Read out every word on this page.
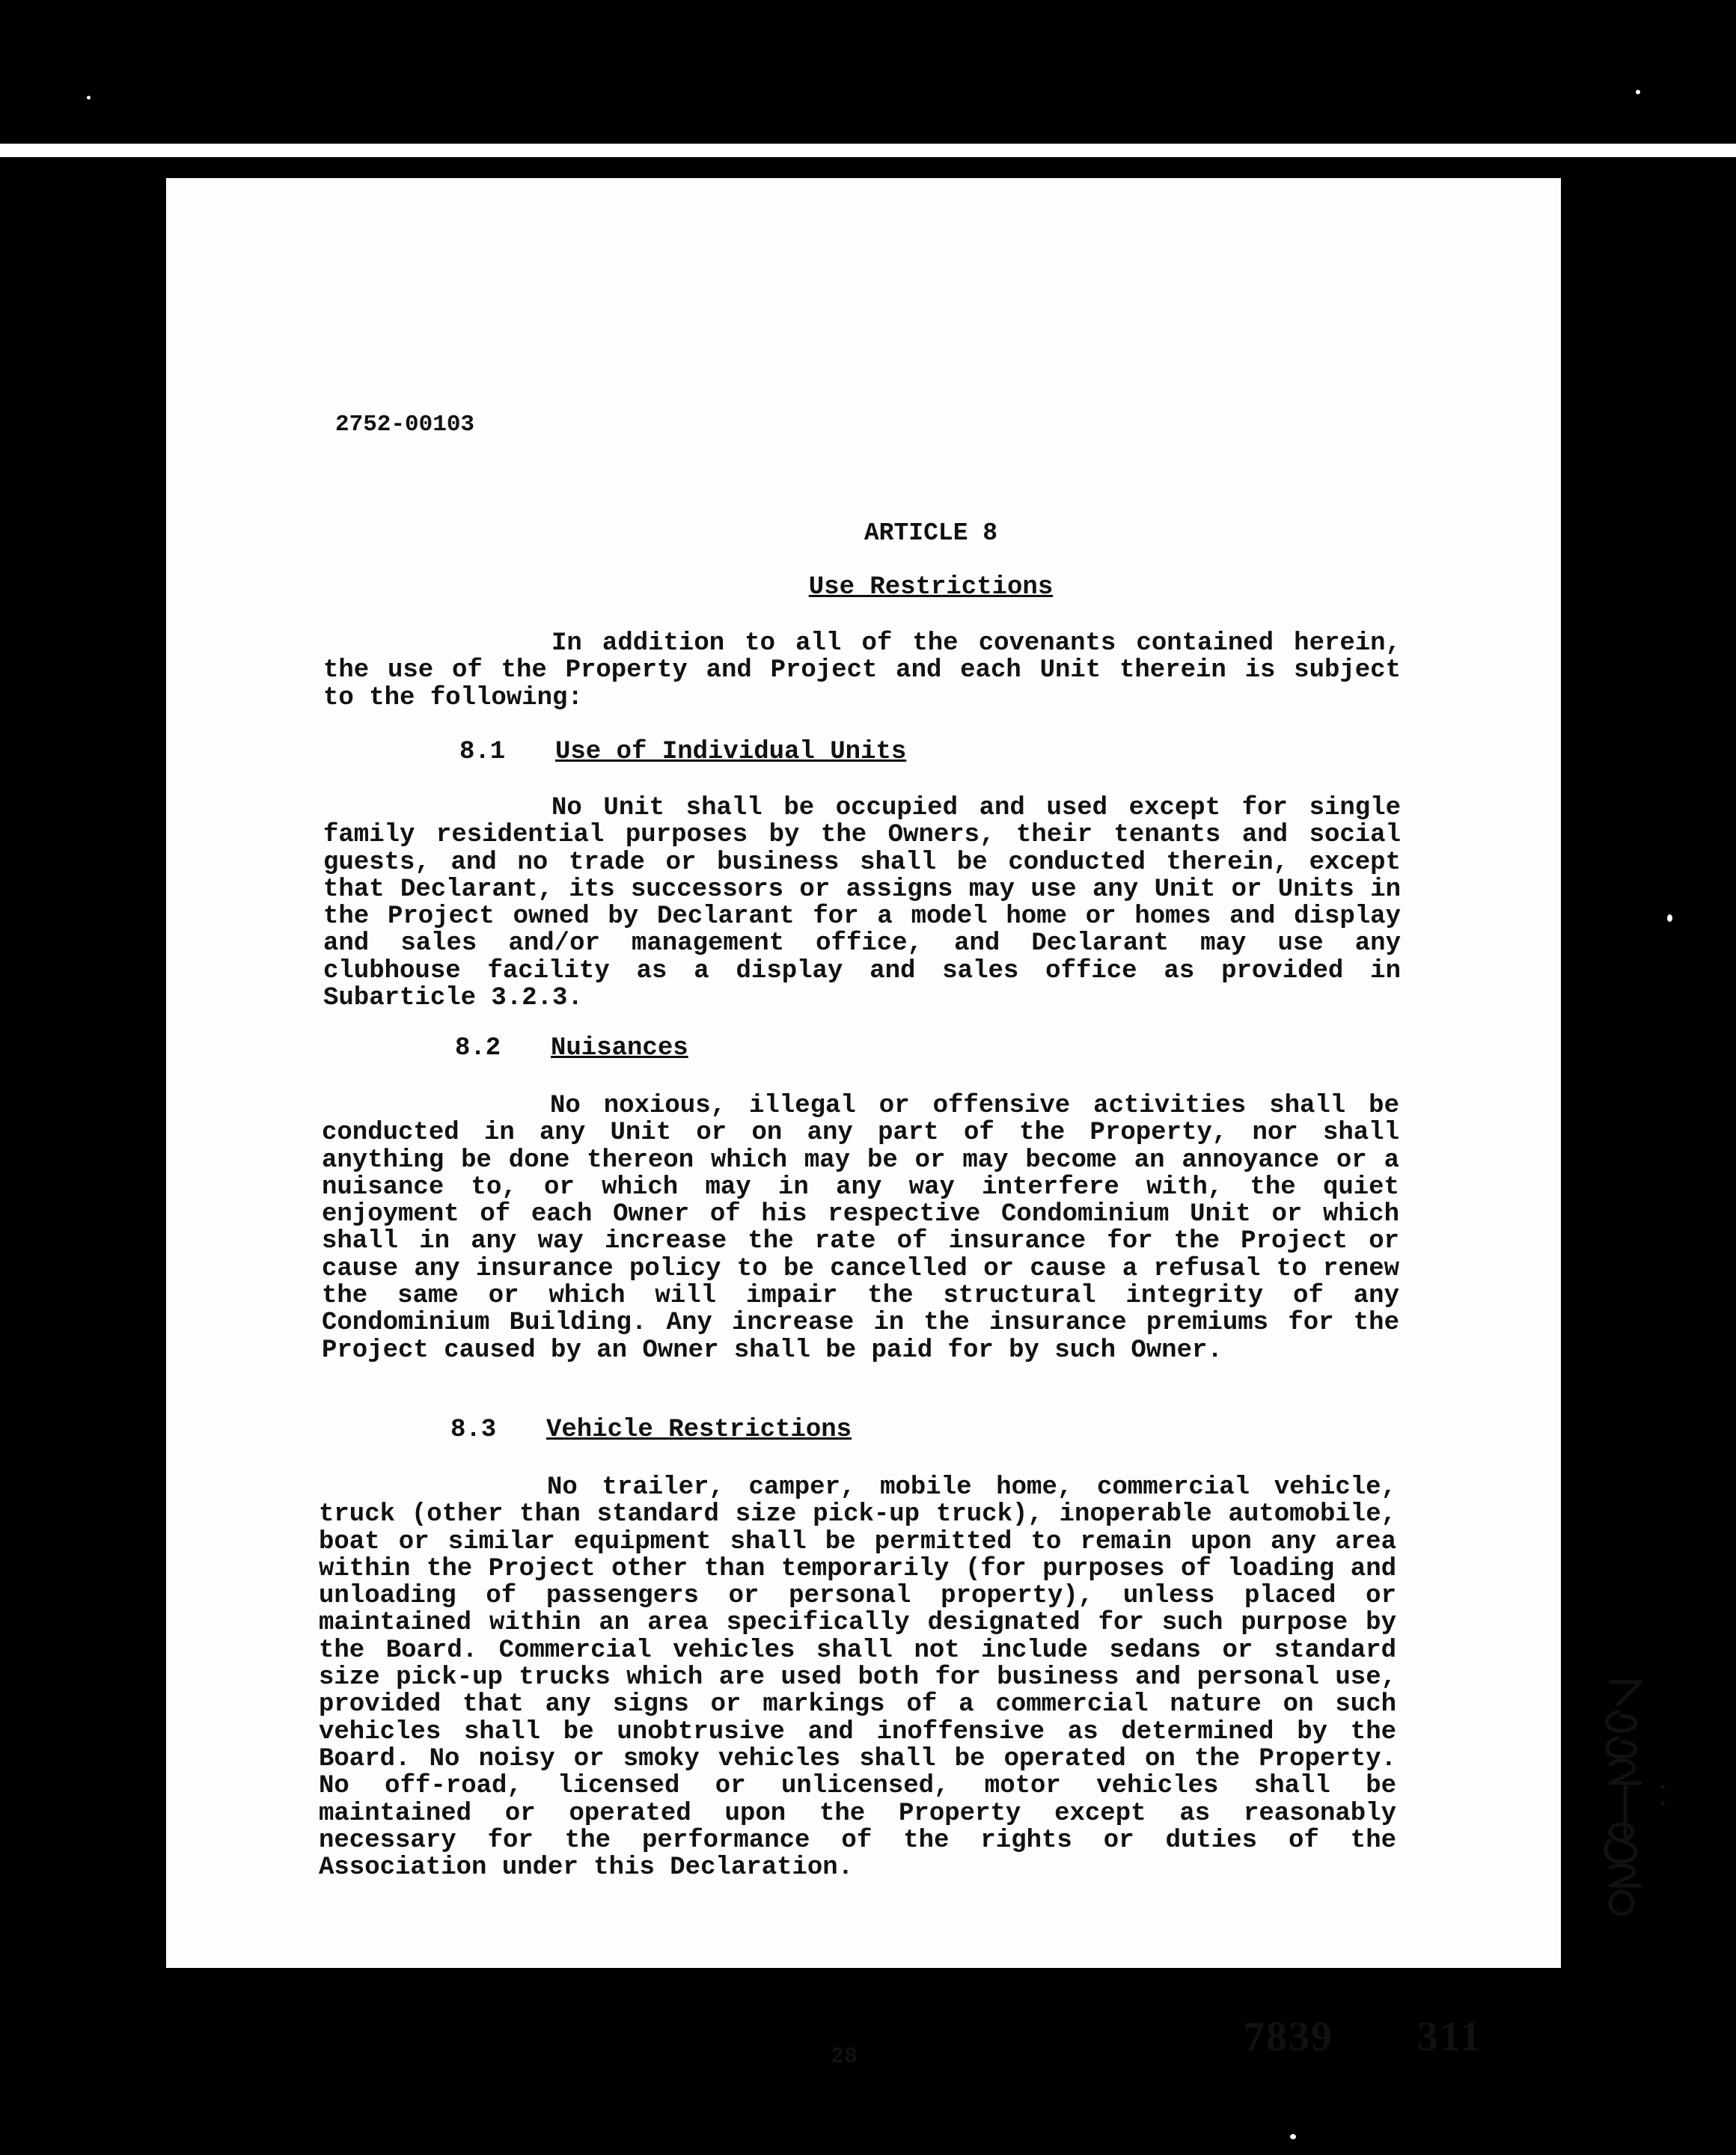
2752-00103
ARTICLE 8
Use Restrictions
In addition to all of the covenants contained herein, the use of the Property and Project and each Unit therein is subject to the following:
8.1 Use of Individual Units
No Unit shall be occupied and used except for single family residential purposes by the Owners, their tenants and social guests, and no trade or business shall be conducted therein, except that Declarant, its successors or assigns may use any Unit or Units in the Project owned by Declarant for a model home or homes and display and sales and/or management office, and Declarant may use any clubhouse facility as a display and sales office as provided in Subarticle 3.2.3.
8.2 Nuisances
No noxious, illegal or offensive activities shall be conducted in any Unit or on any part of the Property, nor shall anything be done thereon which may be or may become an annoyance or a nuisance to, or which may in any way interfere with, the quiet enjoyment of each Owner of his respective Condominium Unit or which shall in any way increase the rate of insurance for the Project or cause any insurance policy to be cancelled or cause a refusal to renew the same or which will impair the structural integrity of any Condominium Building. Any increase in the insurance premiums for the Project caused by an Owner shall be paid for by such Owner.
8.3 Vehicle Restrictions
No trailer, camper, mobile home, commercial vehicle, truck (other than standard size pick-up truck), inoperable automobile, boat or similar equipment shall be permitted to remain upon any area within the Project other than temporarily (for purposes of loading and unloading of passengers or personal property), unless placed or maintained within an area specifically designated for such purpose by the Board. Commercial vehicles shall not include sedans or standard size pick-up trucks which are used both for business and personal use, provided that any signs or markings of a commercial nature on such vehicles shall be unobtrusive and inoffensive as determined by the Board. No noisy or smoky vehicles shall be operated on the Property. No off-road, licensed or unlicensed, motor vehicles shall be maintained or operated upon the Property except as reasonably necessary for the performance of the rights or duties of the Association under this Declaration.
28	7839 311
